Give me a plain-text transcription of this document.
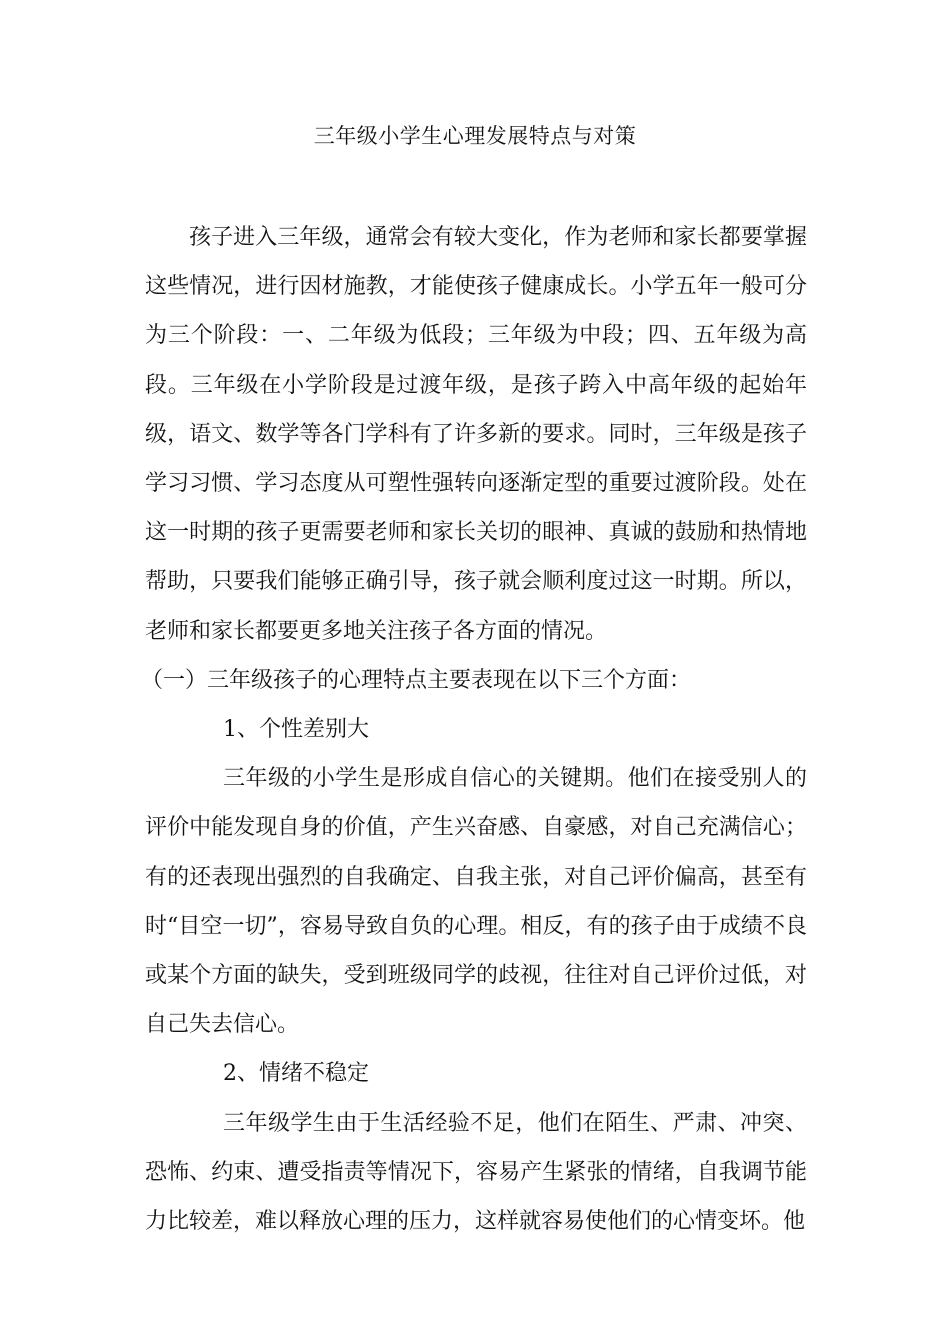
三年级小学生心理发展特点与对策

孩子进入三年级，通常会有较大变化，作为老师和家长都要掌握这些情况，进行因材施教，才能使孩子健康成长。小学五年一般可分为三个阶段：一、二年级为低段；三年级为中段；四、五年级为高段。三年级在小学阶段是过渡年级，是孩子跨入中高年级的起始年级，语文、数学等各门学科有了许多新的要求。同时，三年级是孩子学习习惯、学习态度从可塑性强转向逐渐定型的重要过渡阶段。处在这一时期的孩子更需要老师和家长关切的眼神、真诚的鼓励和热情地帮助，只要我们能够正确引导，孩子就会顺利度过这一时期。所以，老师和家长都要更多地关注孩子各方面的情况。

（一）三年级孩子的心理特点主要表现在以下三个方面：

1、个性差别大

三年级的小学生是形成自信心的关键期。他们在接受别人的评价中能发现自身的价值，产生兴奋感、自豪感，对自己充满信心；有的还表现出强烈的自我确定、自我主张，对自己评价偏高，甚至有时“目空一切”，容易导致自负的心理。相反，有的孩子由于成绩不良或某个方面的缺失，受到班级同学的歧视，往往对自己评价过低，对自己失去信心。

2、情绪不稳定

三年级学生由于生活经验不足，他们在陌生、严肃、冲突、恐怖、约束、遭受指责等情况下，容易产生紧张的情绪，自我调节能力比较差，难以释放心理的压力，这样就容易使他们的心情变坏。他
